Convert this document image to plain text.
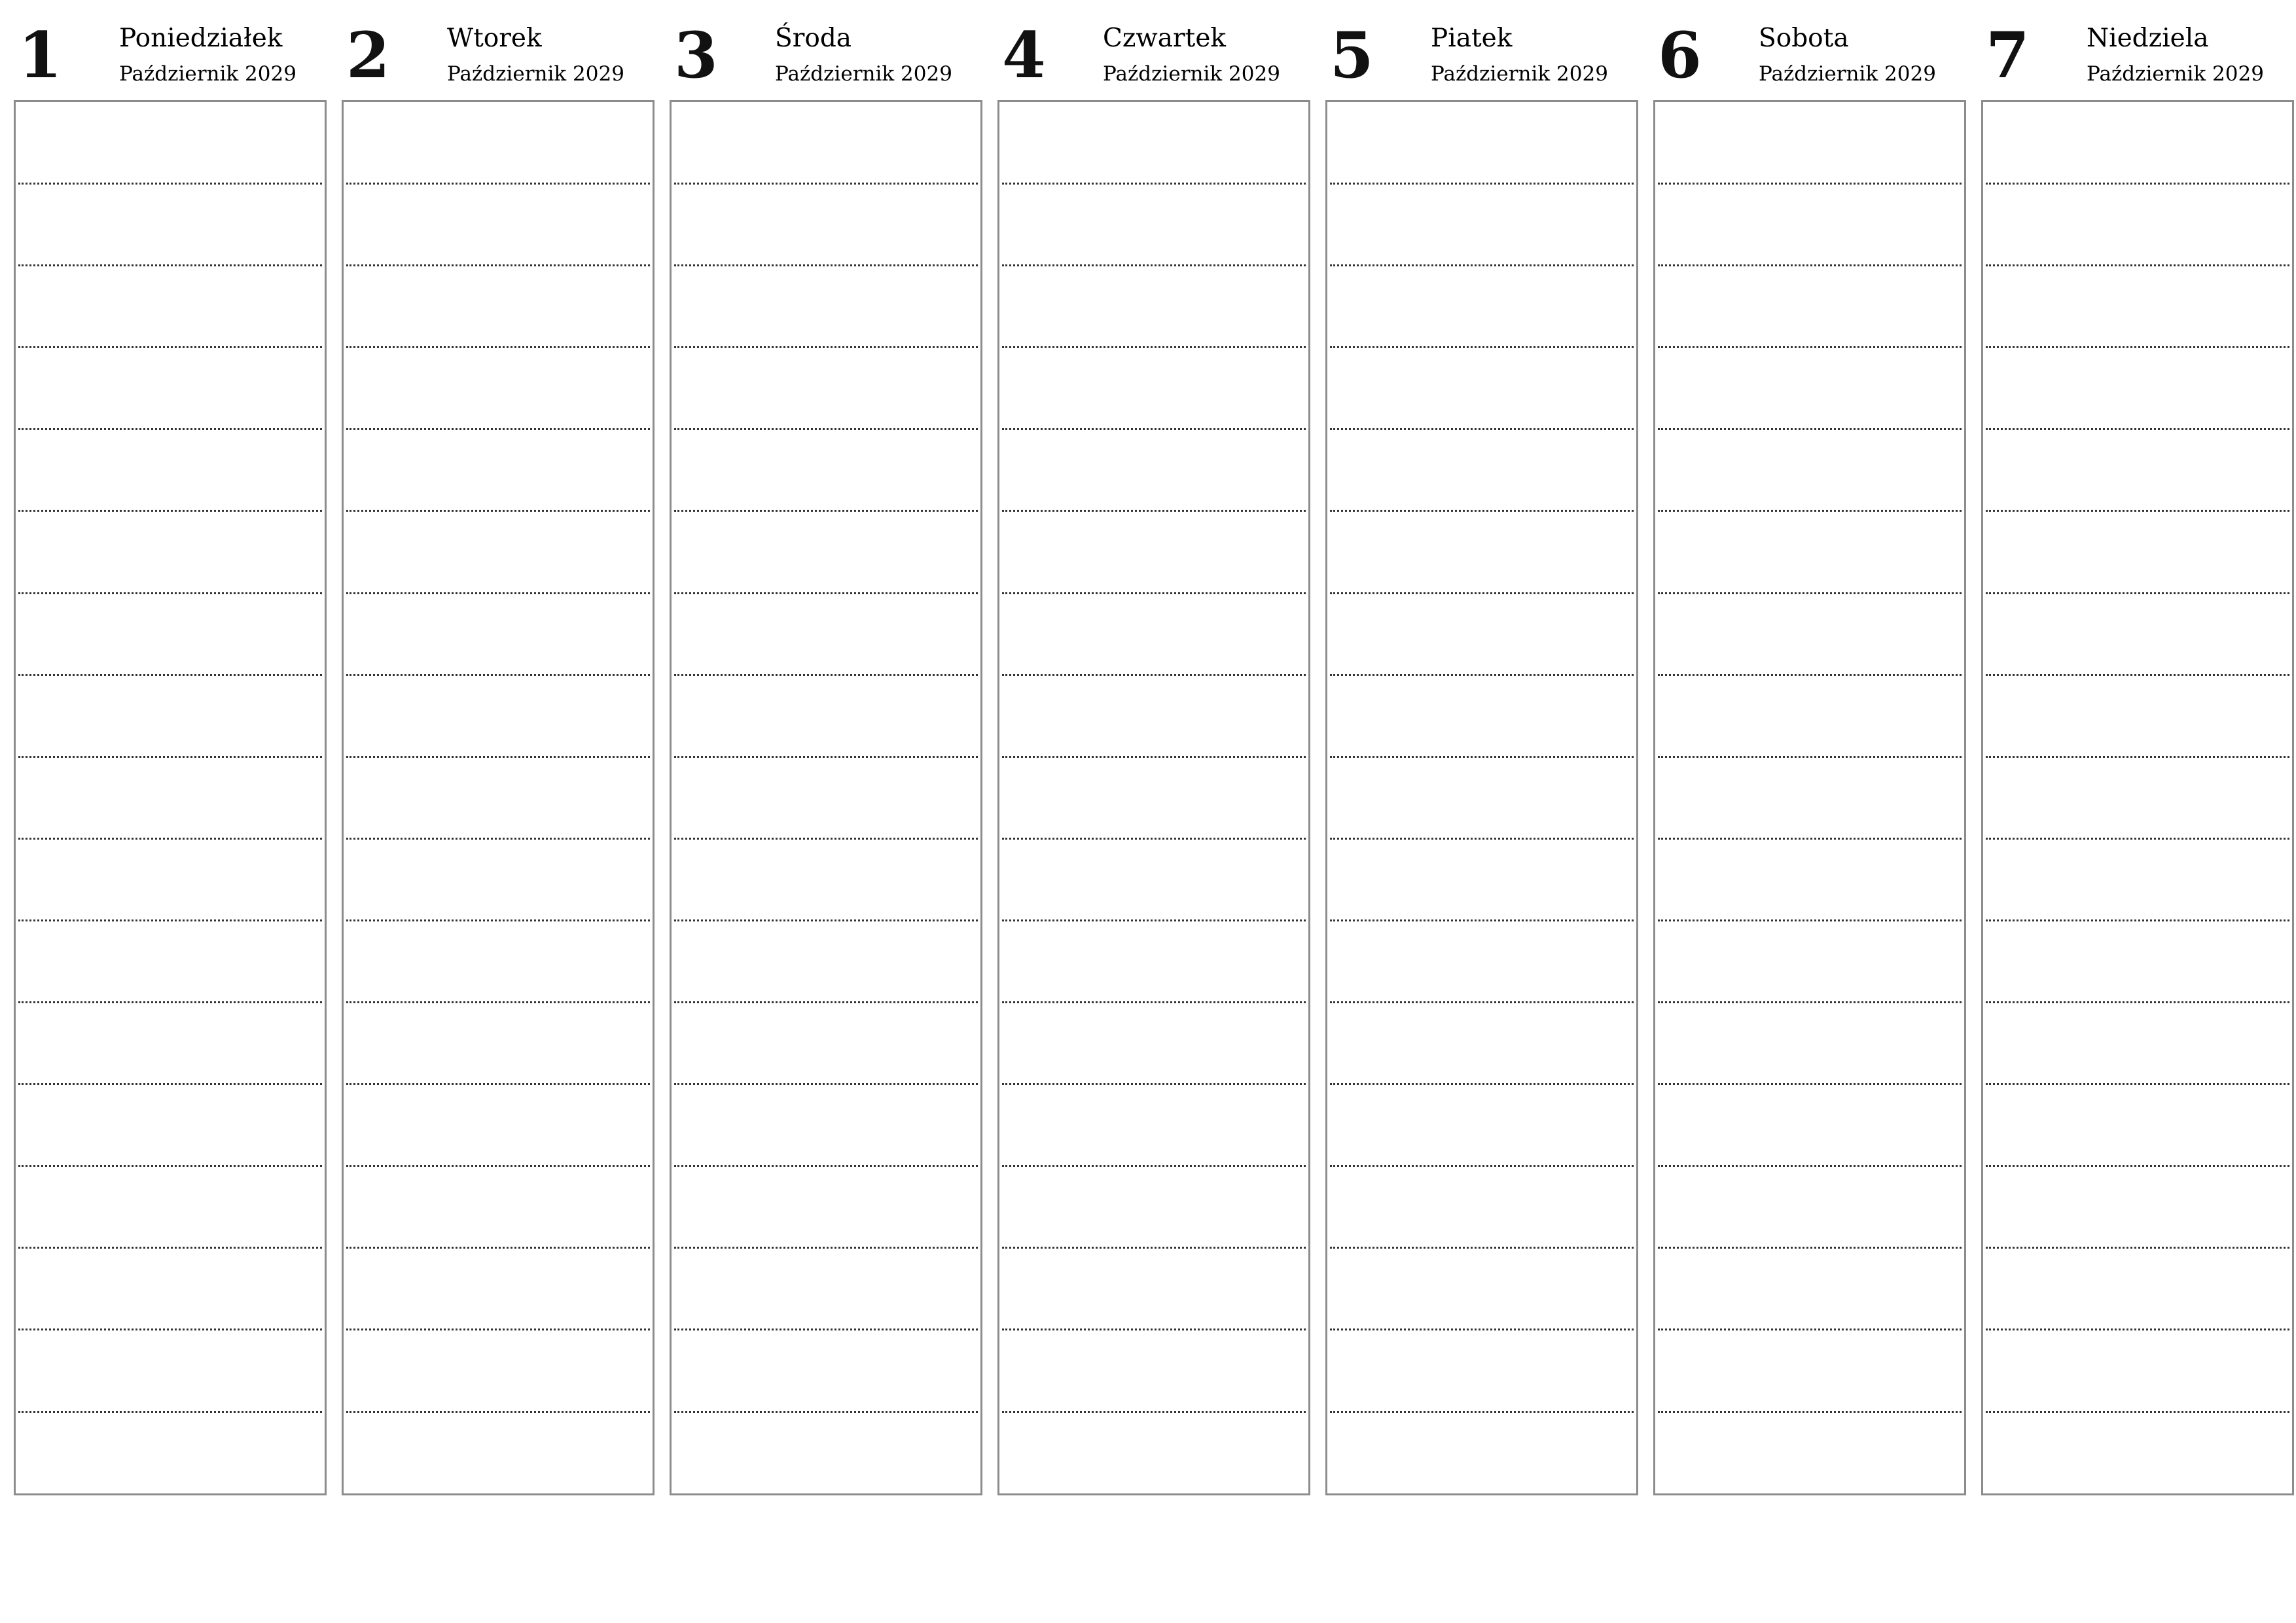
1 Poniedziałek
Październik 2029 2 Wtorek
Październik 2029 3 Środa
Październik 2029 4 Czwartek
Październik 2029 5 Piatek
Październik 2029 6 Sobota
Październik 2029 7 Niedziela
Październik 2029
